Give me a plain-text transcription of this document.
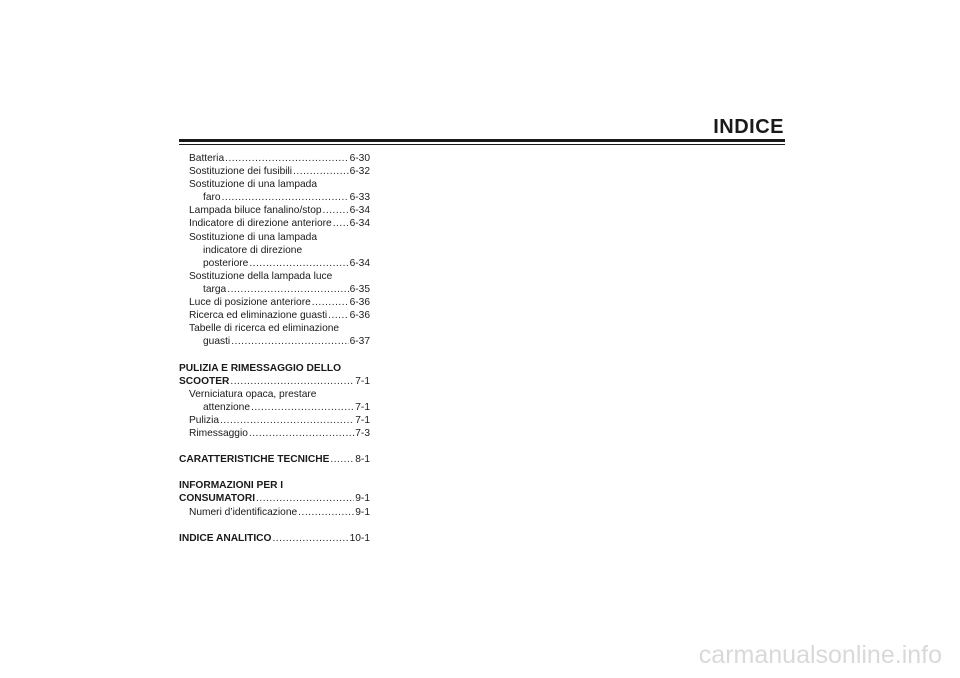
INDICE
Batteria .....	6-30
Sostituzione dei fusibili .....	6-32
Sostituzione di una lampada
faro .....	6-33
Lampada biluce fanalino/stop .....	6-34
Indicatore di direzione anteriore ..... 6-34
Sostituzione di una lampada
indicatore di direzione
posteriore .....	6-34
Sostituzione della lampada luce
targa .....	6-35
Luce di posizione anteriore .....	6-36
Ricerca ed eliminazione guasti ..... 6-36
Tabelle di ricerca ed eliminazione
guasti .....	6-37
PULIZIA E RIMESSAGGIO DELLO
SCOOTER .....	7-1
Verniciatura opaca, prestare
attenzione .....	7-1
Pulizia .....	7-1
Rimessaggio .....	7-3
CARATTERISTICHE TECNICHE .....	8-1
INFORMAZIONI PER I
CONSUMATORI .....	9-1
Numeri d’identificazione .....	9-1
INDICE ANALITICO .....	10-1

carmanualsonline.info
